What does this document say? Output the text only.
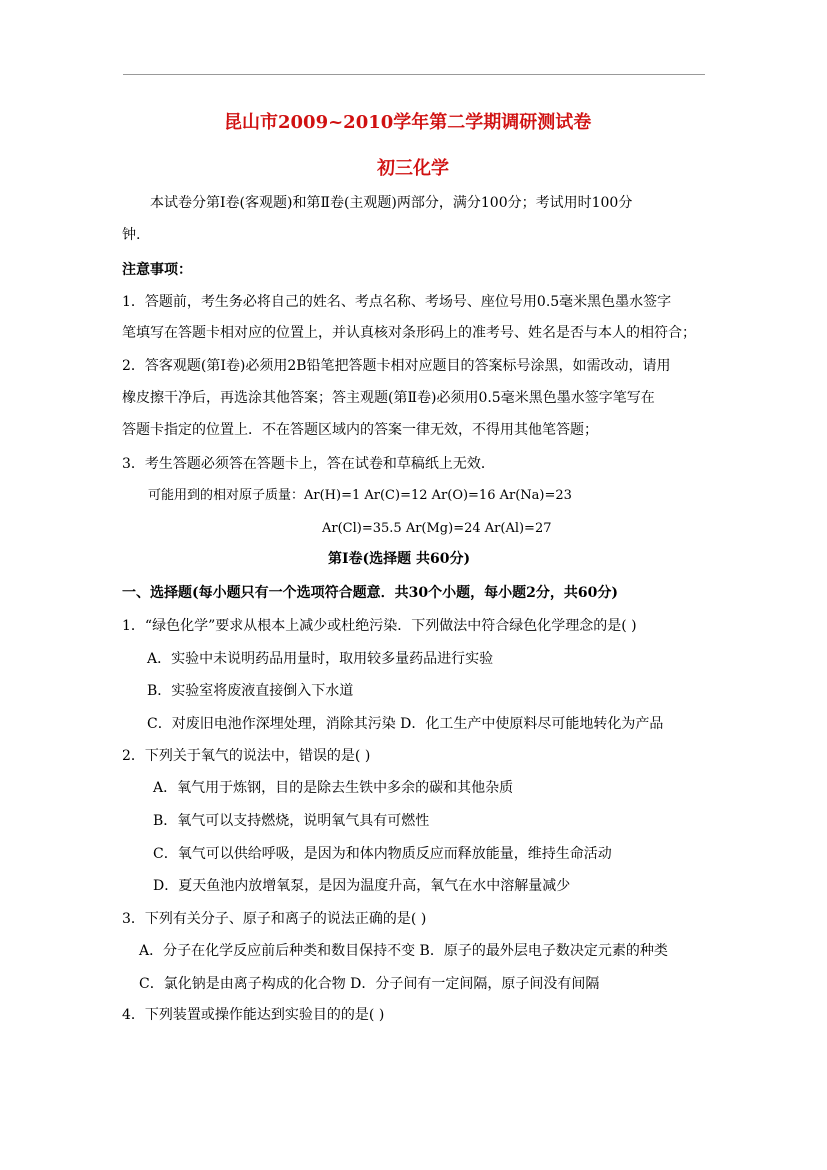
昆山市2009~2010学年第二学期调研测试卷
初三化学
本试卷分第Ⅰ卷(客观题)和第Ⅱ卷(主观题)两部分，满分100分；考试用时100分
钟.
注意事项：
1．答题前，考生务必将自己的姓名、考点名称、考场号、座位号用0.5毫米黑色墨水签字
笔填写在答题卡相对应的位置上，并认真核对条形码上的准考号、姓名是否与本人的相符合；
2．答客观题(第Ⅰ卷)必须用2B铅笔把答题卡相对应题目的答案标号涂黑，如需改动，请用
橡皮擦干净后，再选涂其他答案；答主观题(第Ⅱ卷)必须用0.5毫米黑色墨水签字笔写在
答题卡指定的位置上．不在答题区域内的答案一律无效，不得用其他笔答题；
3．考生答题必须答在答题卡上，答在试卷和草稿纸上无效．
可能用到的相对原子质量：Ar(H)=1 Ar(C)=12 Ar(O)=16 Ar(Na)=23
Ar(Cl)=35.5 Ar(Mg)=24 Ar(Al)=27
第Ⅰ卷(选择题 共60分)
一、选择题(每小题只有一个选项符合题意．共30个小题，每小题2分，共60分)
1．“绿色化学”要求从根本上减少或杜绝污染．下列做法中符合绿色化学理念的是( )
A．实验中未说明药品用量时，取用较多量药品进行实验
B．实验室将废液直接倒入下水道
C．对废旧电池作深埋处理，消除其污染 D．化工生产中使原料尽可能地转化为产品
2．下列关于氧气的说法中，错误的是( )
A．氧气用于炼钢，目的是除去生铁中多余的碳和其他杂质
B．氧气可以支持燃烧，说明氧气具有可燃性
C．氧气可以供给呼吸，是因为和体内物质反应而释放能量，维持生命活动
D．夏天鱼池内放增氧泵，是因为温度升高，氧气在水中溶解量减少
3．下列有关分子、原子和离子的说法正确的是( )
A．分子在化学反应前后种类和数目保持不变 B．原子的最外层电子数决定元素的种类
C．氯化钠是由离子构成的化合物 D．分子间有一定间隔，原子间没有间隔
4．下列装置或操作能达到实验目的的是( )
